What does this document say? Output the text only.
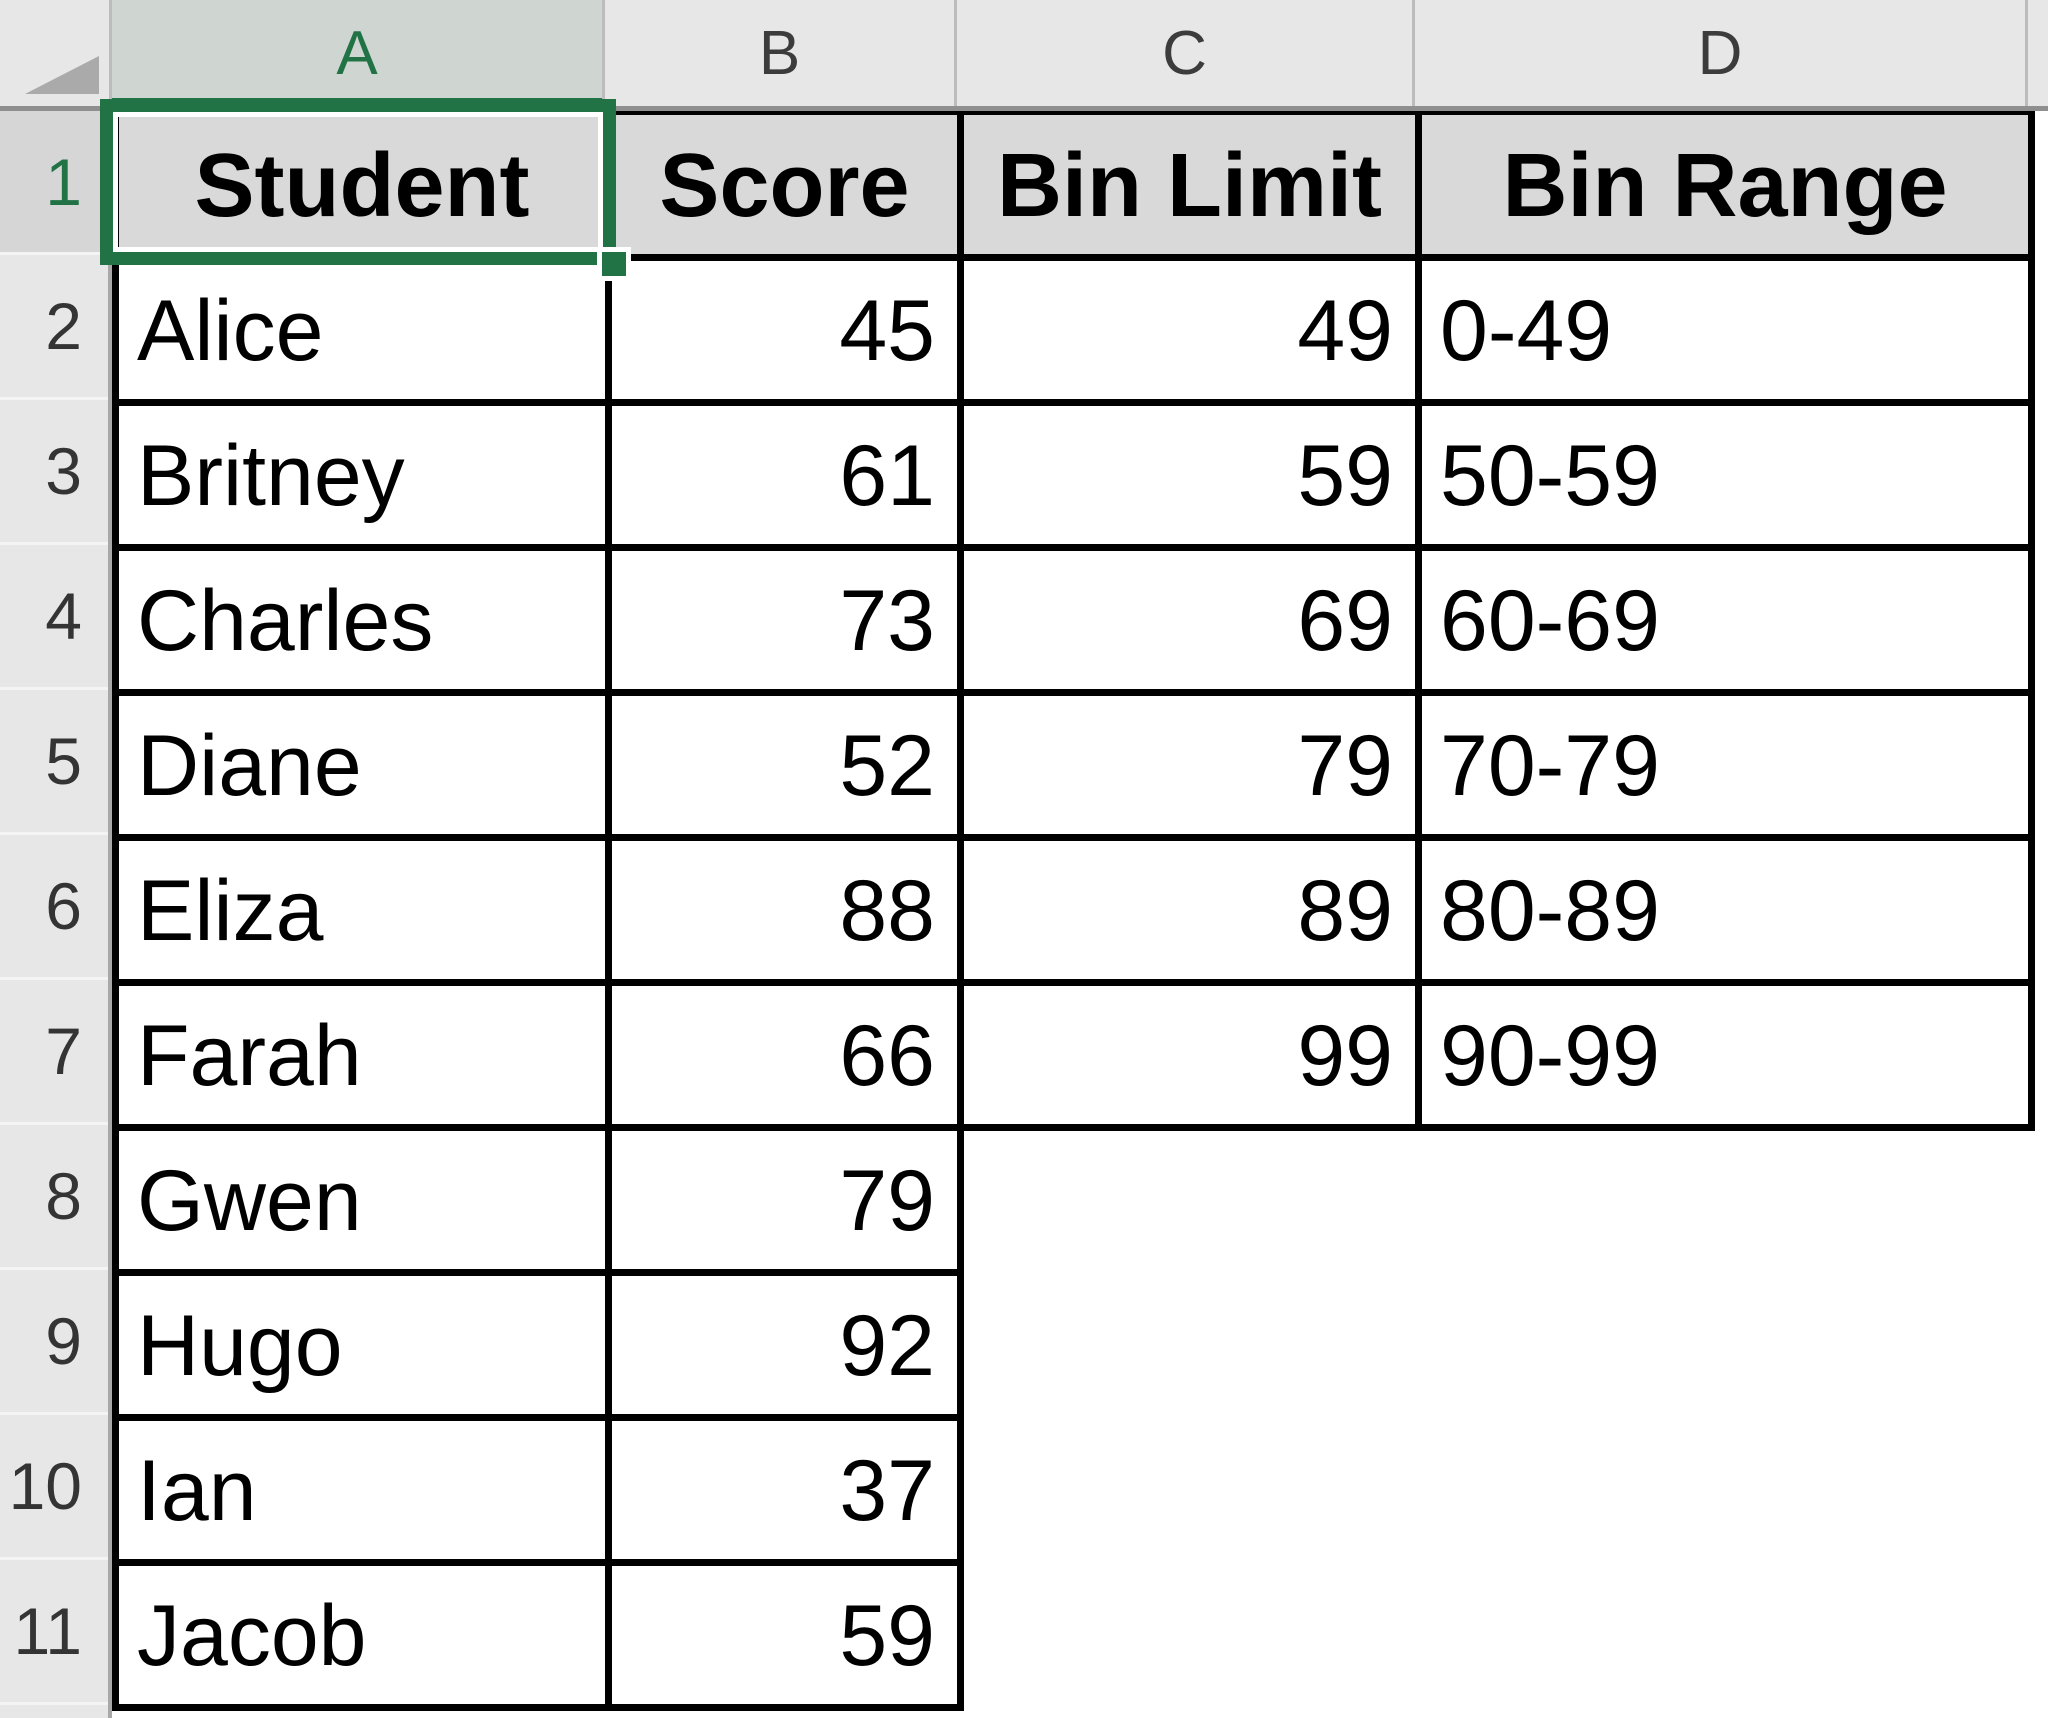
A	B	C	D
1
2
3
4
5
6
7
8
9
10
11
Student	Score	Bin Limit	Bin Range
Alice	45	49	0-49
Britney	61	59	50-59
Charles	73	69	60-69
Diane	52	79	70-79
Eliza	88	89	80-89
Farah	66	99	90-99
Gwen	79		
Hugo	92		
Ian	37		
Jacob	59		
